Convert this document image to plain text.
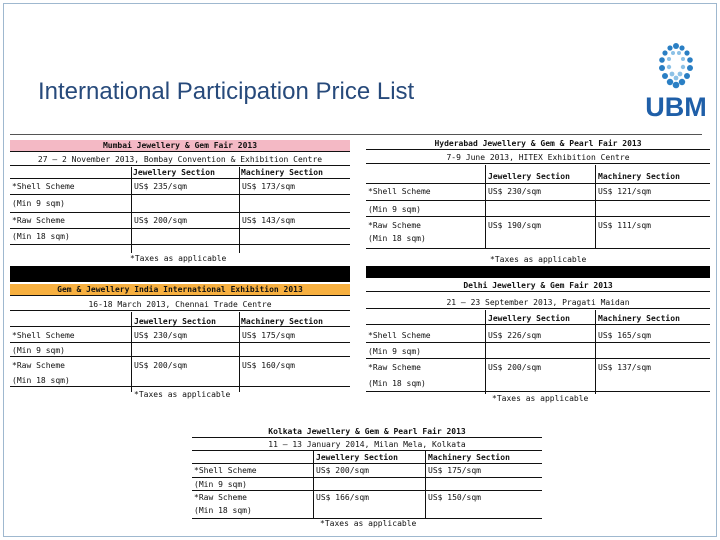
International Participation Price List
UBM
Mumbai Jewellery & Gem Fair 2013
27 – 2 November 2013, Bombay Convention & Exhibition Centre
Jewellery Section	Machinery Section
*Shell Scheme	US$ 235/sqm	US$ 173/sqm
(Min 9 sqm)
*Raw Scheme	US$ 200/sqm	US$ 143/sqm
(Min 18 sqm)
*Taxes as applicable
Hyderabad Jewellery & Gem & Pearl Fair 2013
7-9 June 2013, HITEX Exhibition Centre
Jewellery Section	Machinery Section
*Shell Scheme	US$ 230/sqm	US$ 121/sqm
(Min 9 sqm)
*Raw Scheme	US$ 190/sqm	US$ 111/sqm
(Min 18 sqm)
*Taxes as applicable
Gem & Jewellery India International Exhibition 2013
16-18 March 2013, Chennai Trade Centre
Jewellery Section	Machinery Section
*Shell Scheme	US$ 230/sqm	US$ 175/sqm
(Min 9 sqm)
*Raw Scheme	US$ 200/sqm	US$ 160/sqm
(Min 18 sqm)
*Taxes as applicable
Delhi Jewellery & Gem Fair 2013
21 – 23 September 2013, Pragati Maidan
Jewellery Section	Machinery Section
*Shell Scheme	US$ 226/sqm	US$ 165/sqm
(Min 9 sqm)
*Raw Scheme	US$ 200/sqm	US$ 137/sqm
(Min 18 sqm)
*Taxes as applicable
Kolkata Jewellery & Gem & Pearl Fair 2013
11 – 13 January 2014, Milan Mela, Kolkata
Jewellery Section	Machinery Section
*Shell Scheme	US$ 200/sqm	US$ 175/sqm
(Min 9 sqm)
*Raw Scheme	US$ 166/sqm	US$ 150/sqm
(Min 18 sqm)
*Taxes as applicable
